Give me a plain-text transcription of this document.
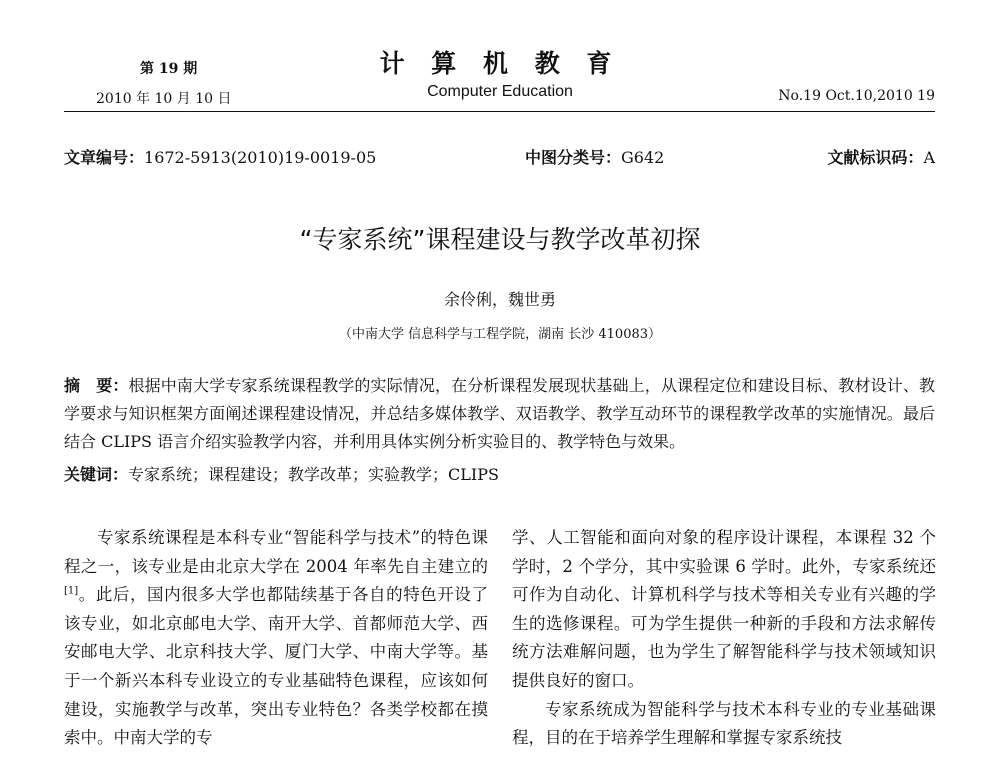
第 19 期
2010 年 10 月 10 日
计 算 机 教 育
Computer Education	No.19 Oct.10,2010 19
文章编号：1672-5913(2010)19-0019-05	中图分类号：G642	文献标识码：A
“专家系统”课程建设与教学改革初探
余伶俐，魏世勇
（中南大学 信息科学与工程学院，湖南 长沙 410083）
摘　要：根据中南大学专家系统课程教学的实际情况，在分析课程发展现状基础上，从课程定位和建设目标、教材设计、教学要求与知识框架方面阐述课程建设情况，并总结多媒体教学、双语教学、教学互动环节的课程教学改革的实施情况。最后结合 CLIPS 语言介绍实验教学内容，并利用具体实例分析实验目的、教学特色与效果。
关键词：专家系统；课程建设；教学改革；实验教学；CLIPS

专家系统课程是本科专业“智能科学与技术”的特色课程之一，该专业是由北京大学在 2004 年率先自主建立的[1]。此后，国内很多大学也都陆续基于各自的特色开设了该专业，如北京邮电大学、南开大学、首都师范大学、西安邮电大学、北京科技大学、厦门大学、中南大学等。基于一个新兴本科专业设立的专业基础特色课程，应该如何建设，实施教学与改革，突出专业特色？各类学校都在摸索中。中南大学的专

学、人工智能和面向对象的程序设计课程，本课程 32 个学时，2 个学分，其中实验课 6 学时。此外，专家系统还可作为自动化、计算机科学与技术等相关专业有兴趣的学生的选修课程。可为学生提供一种新的手段和方法求解传统方法难解问题，也为学生了解智能科学与技术领域知识提供良好的窗口。

专家系统成为智能科学与技术本科专业的专业基础课程，目的在于培养学生理解和掌握专家系统技
